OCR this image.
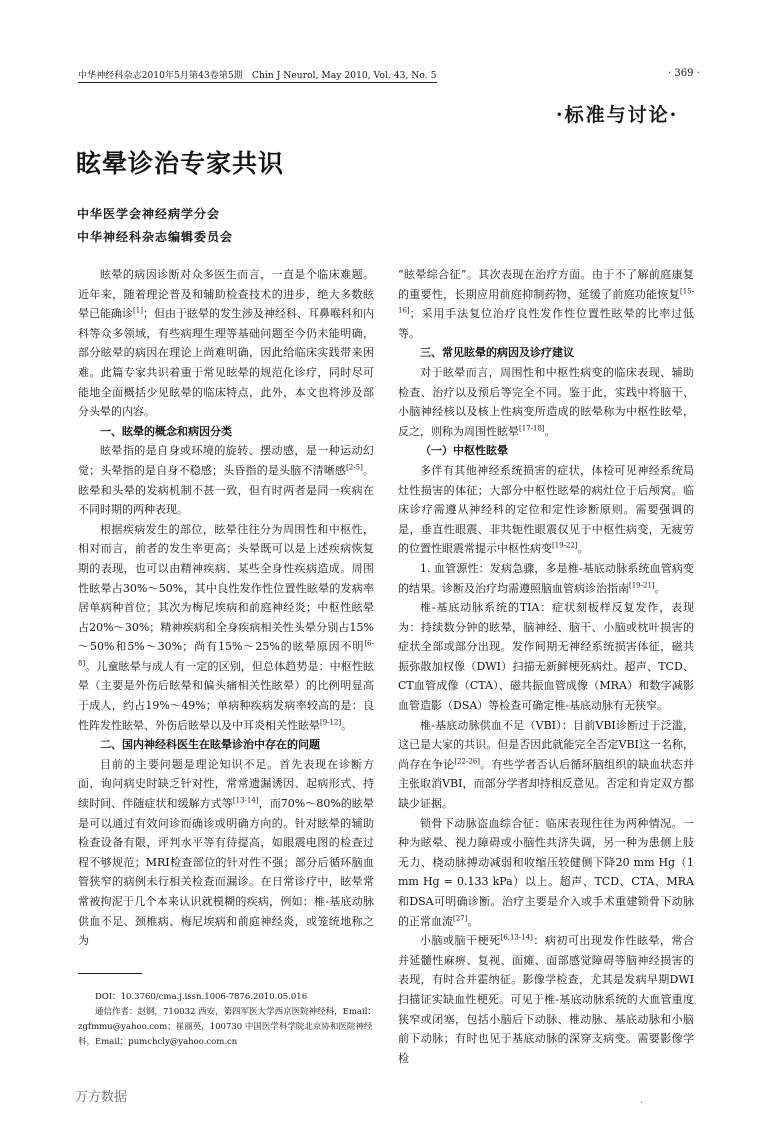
中华神经科杂志2010年5月第43卷第5期　Chin J Neurol, May 2010, Vol. 43, No. 5	· 369 ·
·标准与讨论·
眩晕诊治专家共识
中华医学会神经病学分会
中华神经科杂志编辑委员会

眩晕的病因诊断对众多医生而言，一直是个临床难题。近年来，随着理论普及和辅助检查技术的进步，绝大多数眩晕已能确诊[1]；但由于眩晕的发生涉及神经科、耳鼻喉科和内科等众多领域，有些病理生理等基础问题至今仍未能明确，部分眩晕的病因在理论上尚难明确，因此给临床实践带来困难。此篇专家共识着重于常见眩晕的规范化诊疗，同时尽可能地全面概括少见眩晕的临床特点，此外，本文也将涉及部分头晕的内容。

一、眩晕的概念和病因分类

眩晕指的是自身或环境的旋转、摆动感，是一种运动幻觉；头晕指的是自身不稳感；头昏指的是头脑不清晰感[2-5]。眩晕和头晕的发病机制不甚一致，但有时两者是同一疾病在不同时期的两种表现。

根据疾病发生的部位，眩晕往往分为周围性和中枢性，相对而言，前者的发生率更高；头晕既可以是上述疾病恢复期的表现，也可以由精神疾病、某些全身性疾病造成。周围性眩晕占30%～50%，其中良性发作性位置性眩晕的发病率居单病种首位；其次为梅尼埃病和前庭神经炎；中枢性眩晕占20%～30%；精神疾病和全身疾病相关性头晕分别占15%～50%和5%～30%；尚有15%～25%的眩晕原因不明[6-8]。儿童眩晕与成人有一定的区别，但总体趋势是：中枢性眩晕（主要是外伤后眩晕和偏头痛相关性眩晕）的比例明显高于成人，约占19%～49%；单病种疾病发病率较高的是：良性阵发性眩晕、外伤后眩晕以及中耳炎相关性眩晕[9-12]。

二、国内神经科医生在眩晕诊治中存在的问题

目前的主要问题是理论知识不足。首先表现在诊断方面，询问病史时缺乏针对性，常常遗漏诱因、起病形式、持续时间、伴随症状和缓解方式等[13-14]，而70%～80%的眩晕是可以通过有效问诊而确诊或明确方向的。针对眩晕的辅助检查设备有限，评判水平等有待提高，如眼震电图的检查过程不够规范；MRI检查部位的针对性不强；部分后循环脑血管狭窄的病例未行相关检查而漏诊。在日常诊疗中，眩晕常常被拘泥于几个本来认识就模糊的疾病，例如：椎-基底动脉供血不足、颈椎病、梅尼埃病和前庭神经炎，或笼统地称之为

“眩晕综合征”。其次表现在治疗方面。由于不了解前庭康复的重要性，长期应用前庭抑制药物，延缓了前庭功能恢复[15-16]；采用手法复位治疗良性发作性位置性眩晕的比率过低等。

三、常见眩晕的病因及诊疗建议

对于眩晕而言，周围性和中枢性病变的临床表现、辅助检查、治疗以及预后等完全不同。鉴于此，实践中将脑干、小脑神经核以及核上性病变所造成的眩晕称为中枢性眩晕，反之，则称为周围性眩晕[17-18]。

（一）中枢性眩晕

多伴有其他神经系统损害的症状，体检可见神经系统局灶性损害的体征；大部分中枢性眩晕的病灶位于后颅窝。临床诊疗需遵从神经科的定位和定性诊断原则。需要强调的是，垂直性眼震、非共轭性眼震仅见于中枢性病变，无疲劳的位置性眼震常提示中枢性病变[19-22]。

1. 血管源性：发病急骤，多是椎-基底动脉系统血管病变的结果。诊断及治疗均需遵照脑血管病诊治指南[19-21]。

椎-基底动脉系统的TIA：症状刻板样反复发作，表现为：持续数分钟的眩晕，脑神经、脑干、小脑或枕叶损害的症状全部或部分出现。发作间期无神经系统损害体征，磁共振弥散加权像（DWI）扫描无新鲜梗死病灶。超声、TCD、CT血管成像（CTA）、磁共振血管成像（MRA）和数字减影血管造影（DSA）等检查可确定椎-基底动脉有无狭窄。

椎-基底动脉供血不足（VBI）：目前VBI诊断过于泛滥，这已是大家的共识。但是否因此就能完全否定VBI这一名称，尚存在争论[22-26]。有些学者否认后循环脑组织的缺血状态并主张取消VBI，而部分学者却持相反意见。否定和肯定双方都缺少证据。

锁骨下动脉盗血综合征：临床表现往往为两种情况。一种为眩晕、视力障碍或小脑性共济失调，另一种为患侧上肢无力、桡动脉搏动减弱和收缩压较健侧下降20 mm Hg（1 mm Hg = 0.133 kPa）以上。超声、TCD、CTA、MRA和DSA可明确诊断。治疗主要是介入或手术重建锁骨下动脉的正常血流[27]。

小脑或脑干梗死[6,13-14]：病初可出现发作性眩晕，常合并延髓性麻痹、复视、面瘫、面部感觉障碍等脑神经损害的表现，有时合并霍纳征。影像学检查，尤其是发病早期DWI扫描证实缺血性梗死。可见于椎-基底动脉系统的大血管重度狭窄或闭塞，包括小脑后下动脉、椎动脉、基底动脉和小脑前下动脉；有时也见于基底动脉的深穿支病变。需要影像学检

DOI：10.3760/cma.j.issn.1006-7876.2010.05.016
通信作者：赵钢，710032 西安，第四军医大学西京医院神经科，Email：zgfmmu@yahoo.com；崔丽英，100730 中国医学科学院北京协和医院神经科，Email：pumchcly@yahoo.com.cn
万方数据	·
